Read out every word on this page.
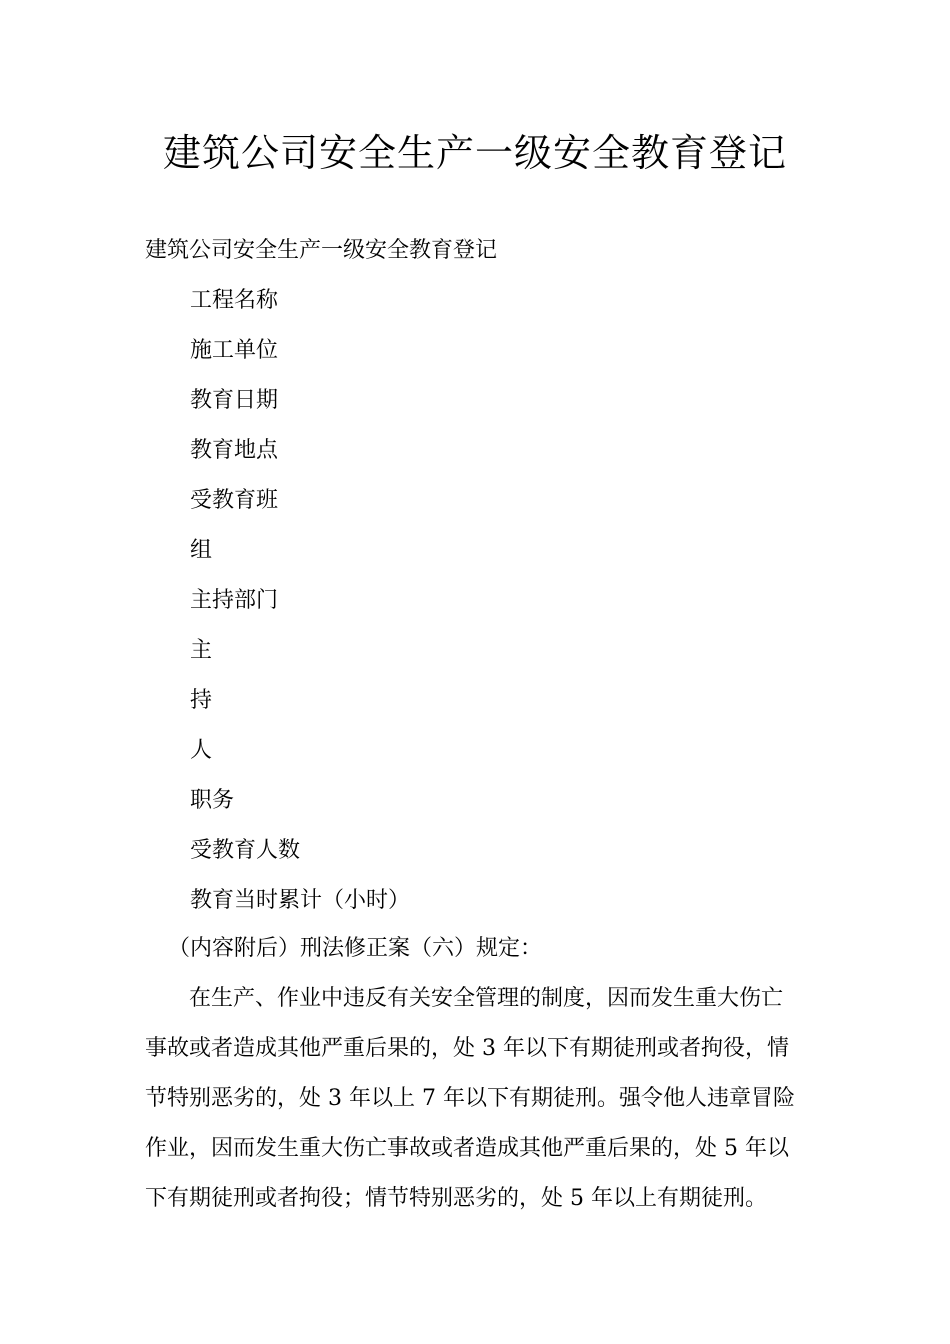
建筑公司安全生产一级安全教育登记
建筑公司安全生产一级安全教育登记
工程名称
施工单位
教育日期
教育地点
受教育班
组
主持部门
主
持
人
职务
受教育人数
教育当时累计（小时）
（内容附后）刑法修正案（六）规定：
在生产、作业中违反有关安全管理的制度，因而发生重大伤亡
事故或者造成其他严重后果的，处 3 年以下有期徒刑或者拘役，情
节特别恶劣的，处 3 年以上 7 年以下有期徒刑。强令他人违章冒险
作业，因而发生重大伤亡事故或者造成其他严重后果的，处 5 年以
下有期徒刑或者拘役；情节特别恶劣的，处 5 年以上有期徒刑。
